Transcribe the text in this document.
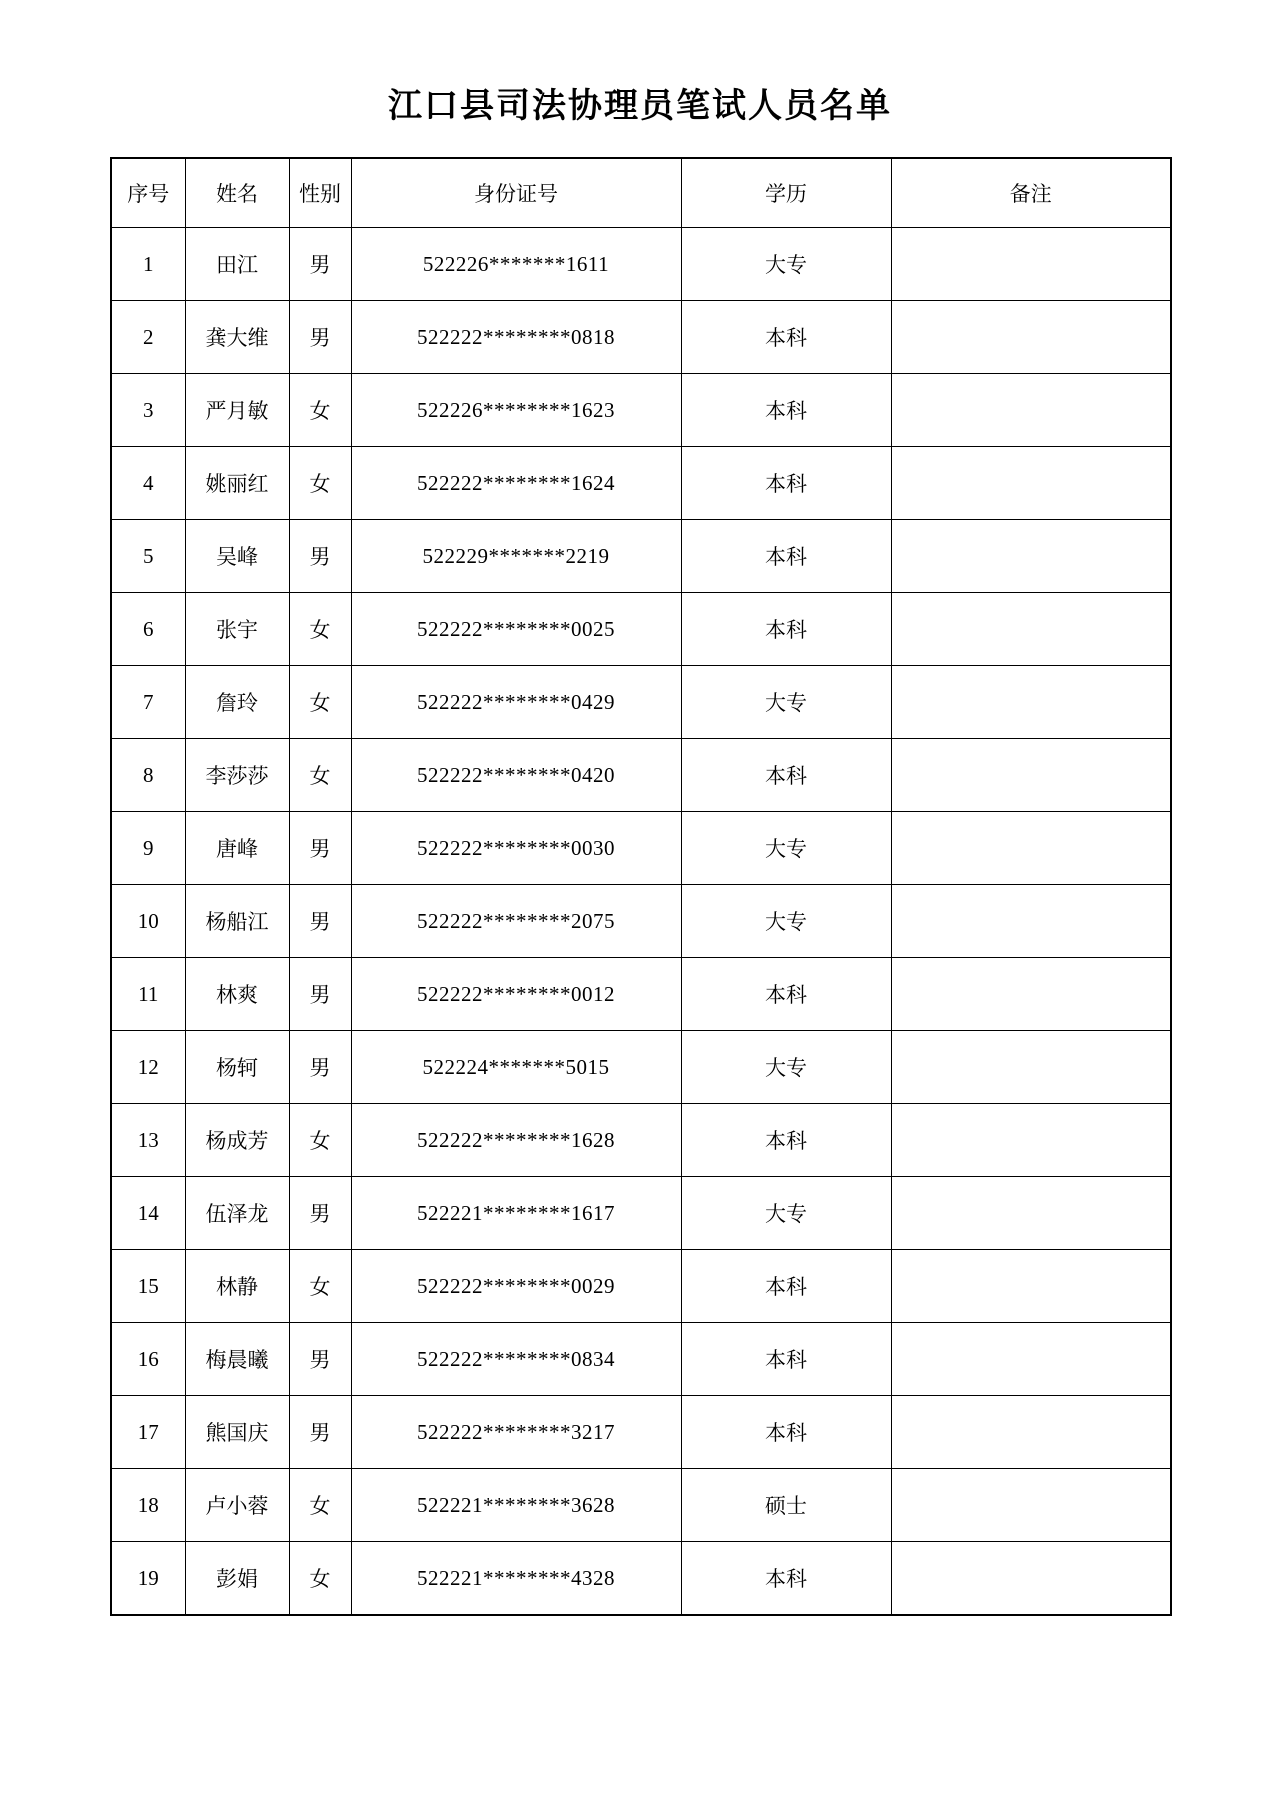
江口县司法协理员笔试人员名单
序号	姓名	性别	身份证号	学历	备注
1	田江	男	522226*******1611	大专	
2	龚大维	男	522222********0818	本科	
3	严月敏	女	522226********1623	本科	
4	姚丽红	女	522222********1624	本科	
5	吴峰	男	522229*******2219	本科	
6	张宇	女	522222********0025	本科	
7	詹玲	女	522222********0429	大专	
8	李莎莎	女	522222********0420	本科	
9	唐峰	男	522222********0030	大专	
10	杨船江	男	522222********2075	大专	
11	林爽	男	522222********0012	本科	
12	杨轲	男	522224*******5015	大专	
13	杨成芳	女	522222********1628	本科	
14	伍泽龙	男	522221********1617	大专	
15	林静	女	522222********0029	本科	
16	梅晨曦	男	522222********0834	本科	
17	熊国庆	男	522222********3217	本科	
18	卢小蓉	女	522221********3628	硕士	
19	彭娟	女	522221********4328	本科	
